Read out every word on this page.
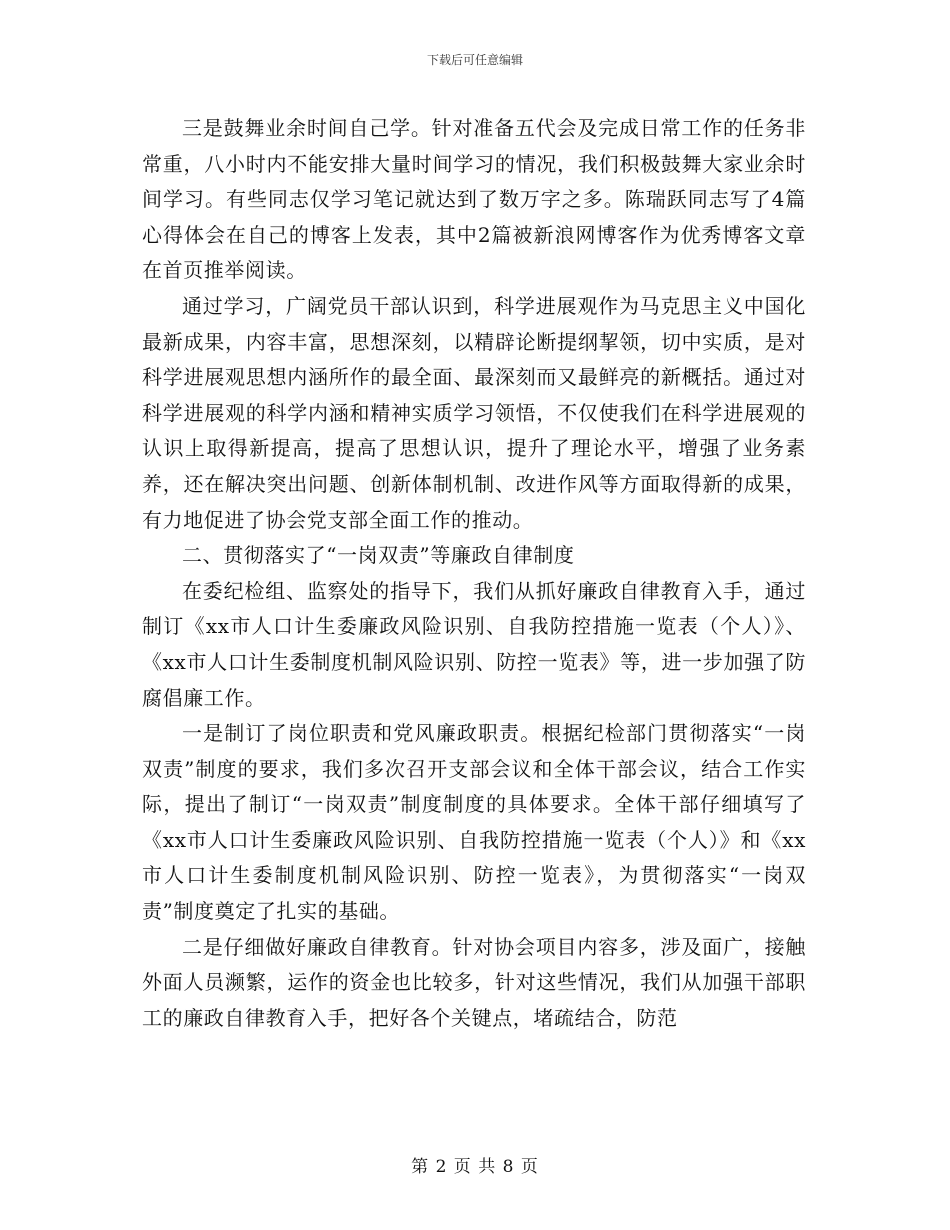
下载后可任意编辑

三是鼓舞业余时间自己学。针对准备五代会及完成日常工作的任务非常重，八小时内不能安排大量时间学习的情况，我们积极鼓舞大家业余时间学习。有些同志仅学习笔记就达到了数万字之多。陈瑞跃同志写了4篇心得体会在自己的博客上发表，其中2篇被新浪网博客作为优秀博客文章在首页推举阅读。

通过学习，广阔党员干部认识到，科学进展观作为马克思主义中国化最新成果，内容丰富，思想深刻，以精辟论断提纲挈领，切中实质，是对科学进展观思想内涵所作的最全面、最深刻而又最鲜亮的新概括。通过对科学进展观的科学内涵和精神实质学习领悟，不仅使我们在科学进展观的认识上取得新提高，提高了思想认识，提升了理论水平，增强了业务素养，还在解决突出问题、创新体制机制、改进作风等方面取得新的成果，有力地促进了协会党支部全面工作的推动。

二、贯彻落实了“一岗双责”等廉政自律制度

在委纪检组、监察处的指导下，我们从抓好廉政自律教育入手，通过制订《xx市人口计生委廉政风险识别、自我防控措施一览表（个人）》、《xx市人口计生委制度机制风险识别、防控一览表》等，进一步加强了防腐倡廉工作。

一是制订了岗位职责和党风廉政职责。根据纪检部门贯彻落实“一岗双责”制度的要求，我们多次召开支部会议和全体干部会议，结合工作实际，提出了制订“一岗双责”制度制度的具体要求。全体干部仔细填写了《xx市人口计生委廉政风险识别、自我防控措施一览表（个人）》和《xx市人口计生委制度机制风险识别、防控一览表》，为贯彻落实“一岗双责”制度奠定了扎实的基础。

二是仔细做好廉政自律教育。针对协会项目内容多，涉及面广，接触外面人员濒繁，运作的资金也比较多，针对这些情况，我们从加强干部职工的廉政自律教育入手，把好各个关键点，堵疏结合，防范

第 2 页 共 8 页
